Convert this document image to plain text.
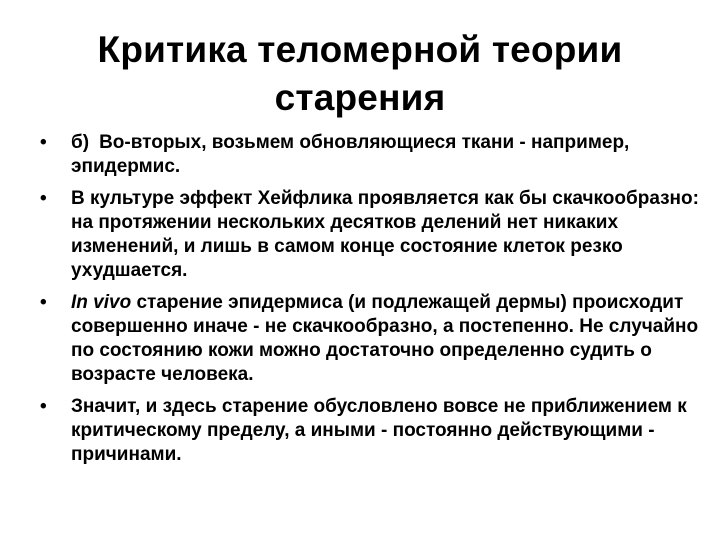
Критика теломерной теории старения
• б) Во-вторых, возьмем обновляющиеся ткани - например, эпидермис.
• В культуре эффект Хейфлика проявляется как бы скачкообразно: на протяжении нескольких десятков делений нет никаких изменений, и лишь в самом конце состояние клеток резко ухудшается.
• In vivo старение эпидермиса (и подлежащей дермы) происходит совершенно иначе - не скачкообразно, а постепенно. Не случайно по состоянию кожи можно достаточно определенно судить о возрасте человека.
• Значит, и здесь старение обусловлено вовсе не приближением к критическому пределу, а иными - постоянно действующими - причинами.
